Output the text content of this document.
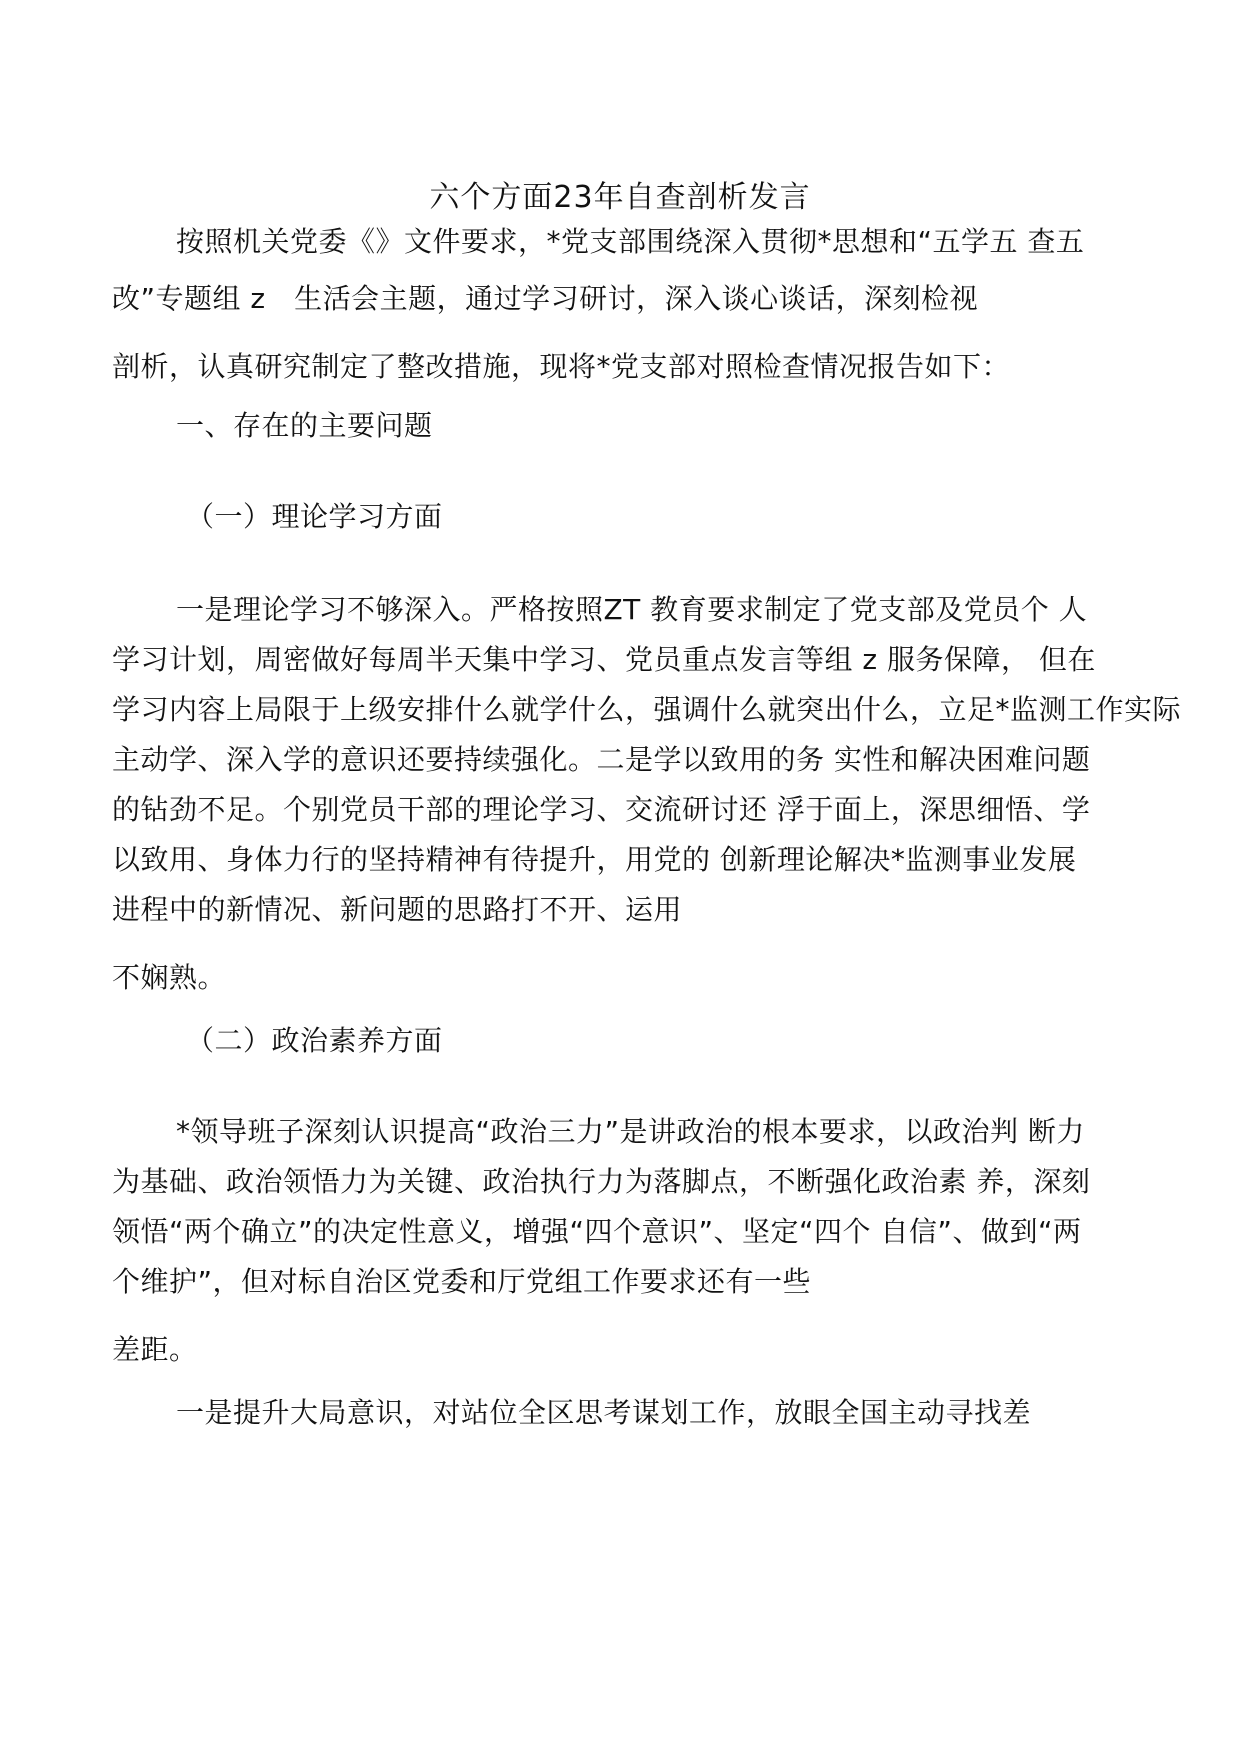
六个方面23年自查剖析发言
按照机关党委《》文件要求，*党支部围绕深入贯彻*思想和“五学五 查五
改”专题组 z　生活会主题，通过学习研讨，深入谈心谈话，深刻检视
剖析，认真研究制定了整改措施，现将*党支部对照检查情况报告如下：
一、存在的主要问题
（一）理论学习方面
一是理论学习不够深入。严格按照ZT 教育要求制定了党支部及党员个 人
学习计划，周密做好每周半天集中学习、党员重点发言等组 z 服务保障， 但在
学习内容上局限于上级安排什么就学什么，强调什么就突出什么，立足*监测工作实际
主动学、深入学的意识还要持续强化。二是学以致用的务 实性和解决困难问题
的钻劲不足。个别党员干部的理论学习、交流研讨还 浮于面上，深思细悟、学
以致用、身体力行的坚持精神有待提升，用党的 创新理论解决*监测事业发展
进程中的新情况、新问题的思路打不开、运用
不娴熟。
（二）政治素养方面
*领导班子深刻认识提高“政治三力”是讲政治的根本要求，以政治判 断力
为基础、政治领悟力为关键、政治执行力为落脚点，不断强化政治素 养，深刻
领悟“两个确立”的决定性意义，增强“四个意识”、坚定“四个 自信”、做到“两
个维护”，但对标自治区党委和厅党组工作要求还有一些
差距。
一是提升大局意识，对站位全区思考谋划工作，放眼全国主动寻找差
